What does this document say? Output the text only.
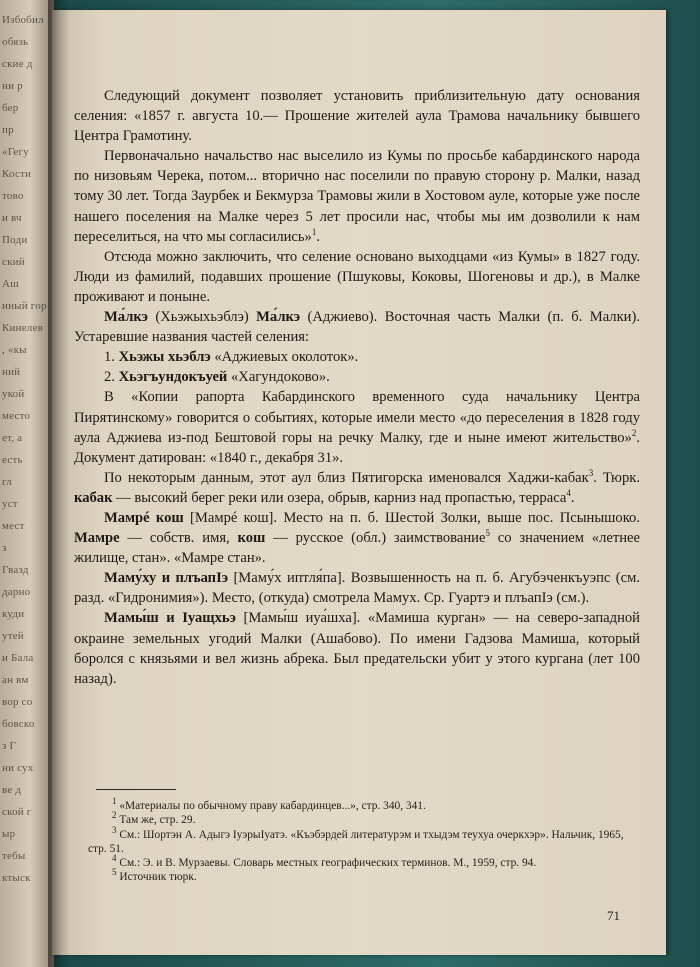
Избобил
обязь
ские д
ни р
бер
пр
«Гегу
Кости
тово
и вч
Поди
ский
Аш
иный гор
Кинелев
, «кы
ний
укой
место
ет, а
есть
гл
уст
мест
з
Гвазд
дарно
куди
утей
и Бала
ан вм
вор со
бовско
з Г
ни сух
ве д
ской г
ыр
тебы
ктыск

Следующий документ позволяет установить приблизительную дату основания селения: «1857 г. августа 10.— Прошение жителей аула Трамова начальнику бывшего Центра Грамотину.

Первоначально начальство нас выселило из Кумы по просьбе кабардинского народа по низовьям Черека, потом... вторично нас поселили по правую сторону р. Малки, назад тому 30 лет. Тогда Заурбек и Бекмурза Трамовы жили в Хостовом ауле, которые уже после нашего поселения на Малке через 5 лет просили нас, чтобы мы им дозволили к нам переселиться, на что мы согласились»$^1$.

Отсюда можно заключить, что селение основано выходцами «из Кумы» в 1827 году. Люди из фамилий, подавших прошение (Пшуковы, Коковы, Шогеновы и др.), в Малке проживают и поныне.

Ма́лкэ (Хьэжыхьэблэ) Ма́лкэ (Аджиево). Восточная часть Малки (п. б. Малки). Устаревшие названия частей селения:

1. Хьэжы хьэблэ «Аджиевых околоток».

2. Хьэгъундокъуей «Хагундоково».

В «Копии рапорта Кабардинского временного суда начальнику Центра Пирятинскому» говорится о событиях, которые имели место «до переселения в 1828 году аула Аджиева из-под Бештовой горы на речку Малку, где и ныне имеют жительство»$^2$. Документ датирован: «1840 г., декабря 31».

По некоторым данным, этот аул близ Пятигорска именовался Хаджи-кабак$^3$. Тюрк. кабак — высокий берег реки или озера, обрыв, карниз над пропастью, терраса$^4$.

Мамрé кош [Мамрé кош]. Место на п. б. Шестой Золки, выше пос. Псынышоко. Мамре — собств. имя, кош — русское (обл.) заимствование$^5$ со значением «летнее жилище, стан». «Мамре стан».

Маму́ху и плъапIэ [Маму́х иптля́па]. Возвышенность на п. б. Агубэченкъуэпс (см. разд. «Гидронимия»). Место, (откуда) смотрела Мамух. Ср. Гуартэ и плъапIэ (см.).

Мамы́ш и Iуащхьэ [Мамы́ш иуа́шха]. «Мамиша курган» — на северо-западной окраине земельных угодий Малки (Ашабово). По имени Гадзова Мамиша, который боролся с князьями и вел жизнь абрека. Был предательски убит у этого кургана (лет 100 назад).

$^1$ «Материалы по обычному праву кабардинцев...», стр. 340, 341.

$^2$ Там же, стр. 29.

$^3$ См.: Шортэн А. Адыгэ IуэрыIуатэ. «Къэбэрдей литературэм и тхыдэм теухуа очеркхэр». Нальчик, 1965, стр. 51.

$^4$ См.: Э. и В. Мурзаевы. Словарь местных географических терминов. М., 1959, стр. 94.

$^5$ Источник тюрк.

71
